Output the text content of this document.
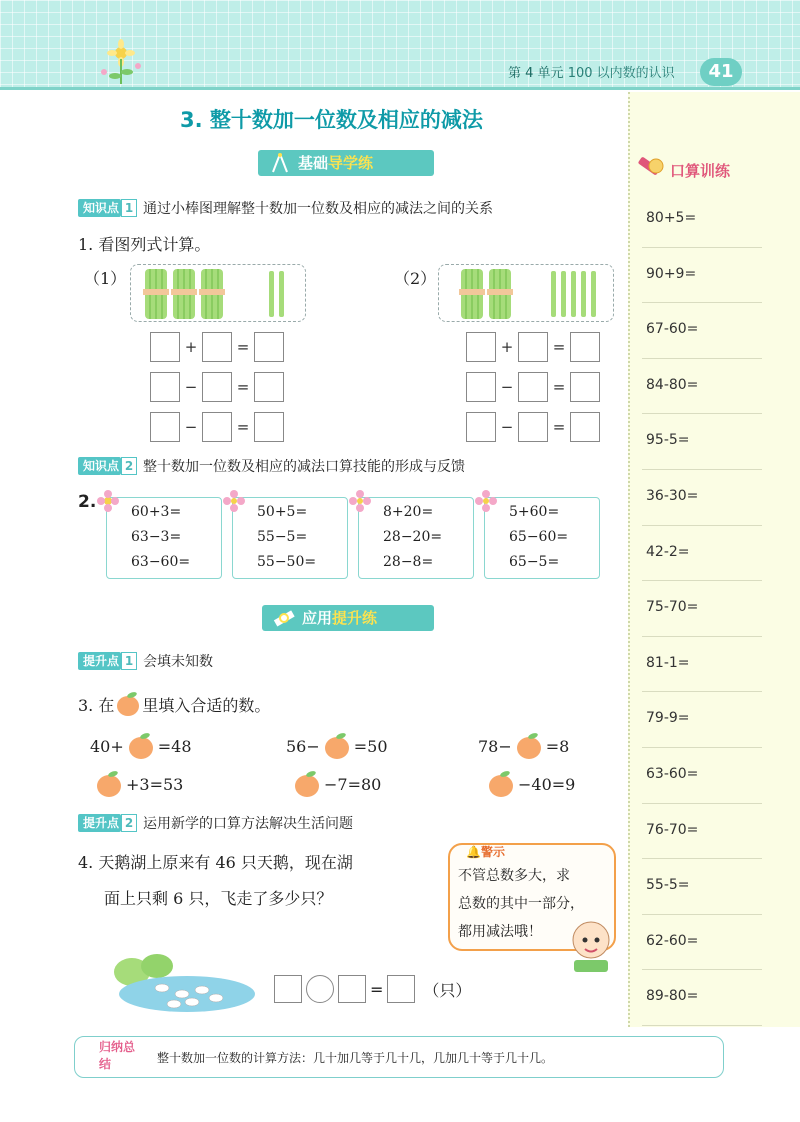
第 4 单元 100 以内数的认识	41
口算训练
80+5=
90+9=
67-60=
84-80=
95-5=
36-30=
42-2=
75-70=
81-1=
79-9=
63-60=
76-70=
55-5=
62-60=
89-80=
3. 整十数加一位数及相应的减法
基础导学练
知识点 1 通过小棒图理解整十数加一位数及相应的减法之间的关系
1. 看图列式计算。
（1）	（2）
+	=
−	=
−	=
+	=
−	=
−	=
知识点 2 整十数加一位数及相应的减法口算技能的形成与反馈
2. 60+3=
63−3=
63−60=
50+5=
55−5=
55−50=
8+20=
28−20=
28−8=
5+60=
65−60=
65−5=
应用提升练
提升点 1 会填未知数
3. 在 里填入合适的数。
40+ =48	56− =50	78− =8
+3=53	−7=80	−40=9
提升点 2 运用新学的口算方法解决生活问题
4. 天鹅湖上原来有 46 只天鹅，现在湖
面上只剩 6 只，飞走了多少只？
🔔警示
不管总数多大，求
总数的其中一部分，
都用减法哦！
=	（只）
归纳总结	整十数加一位数的计算方法：几十加几等于几十几，几加几十等于几十几。
